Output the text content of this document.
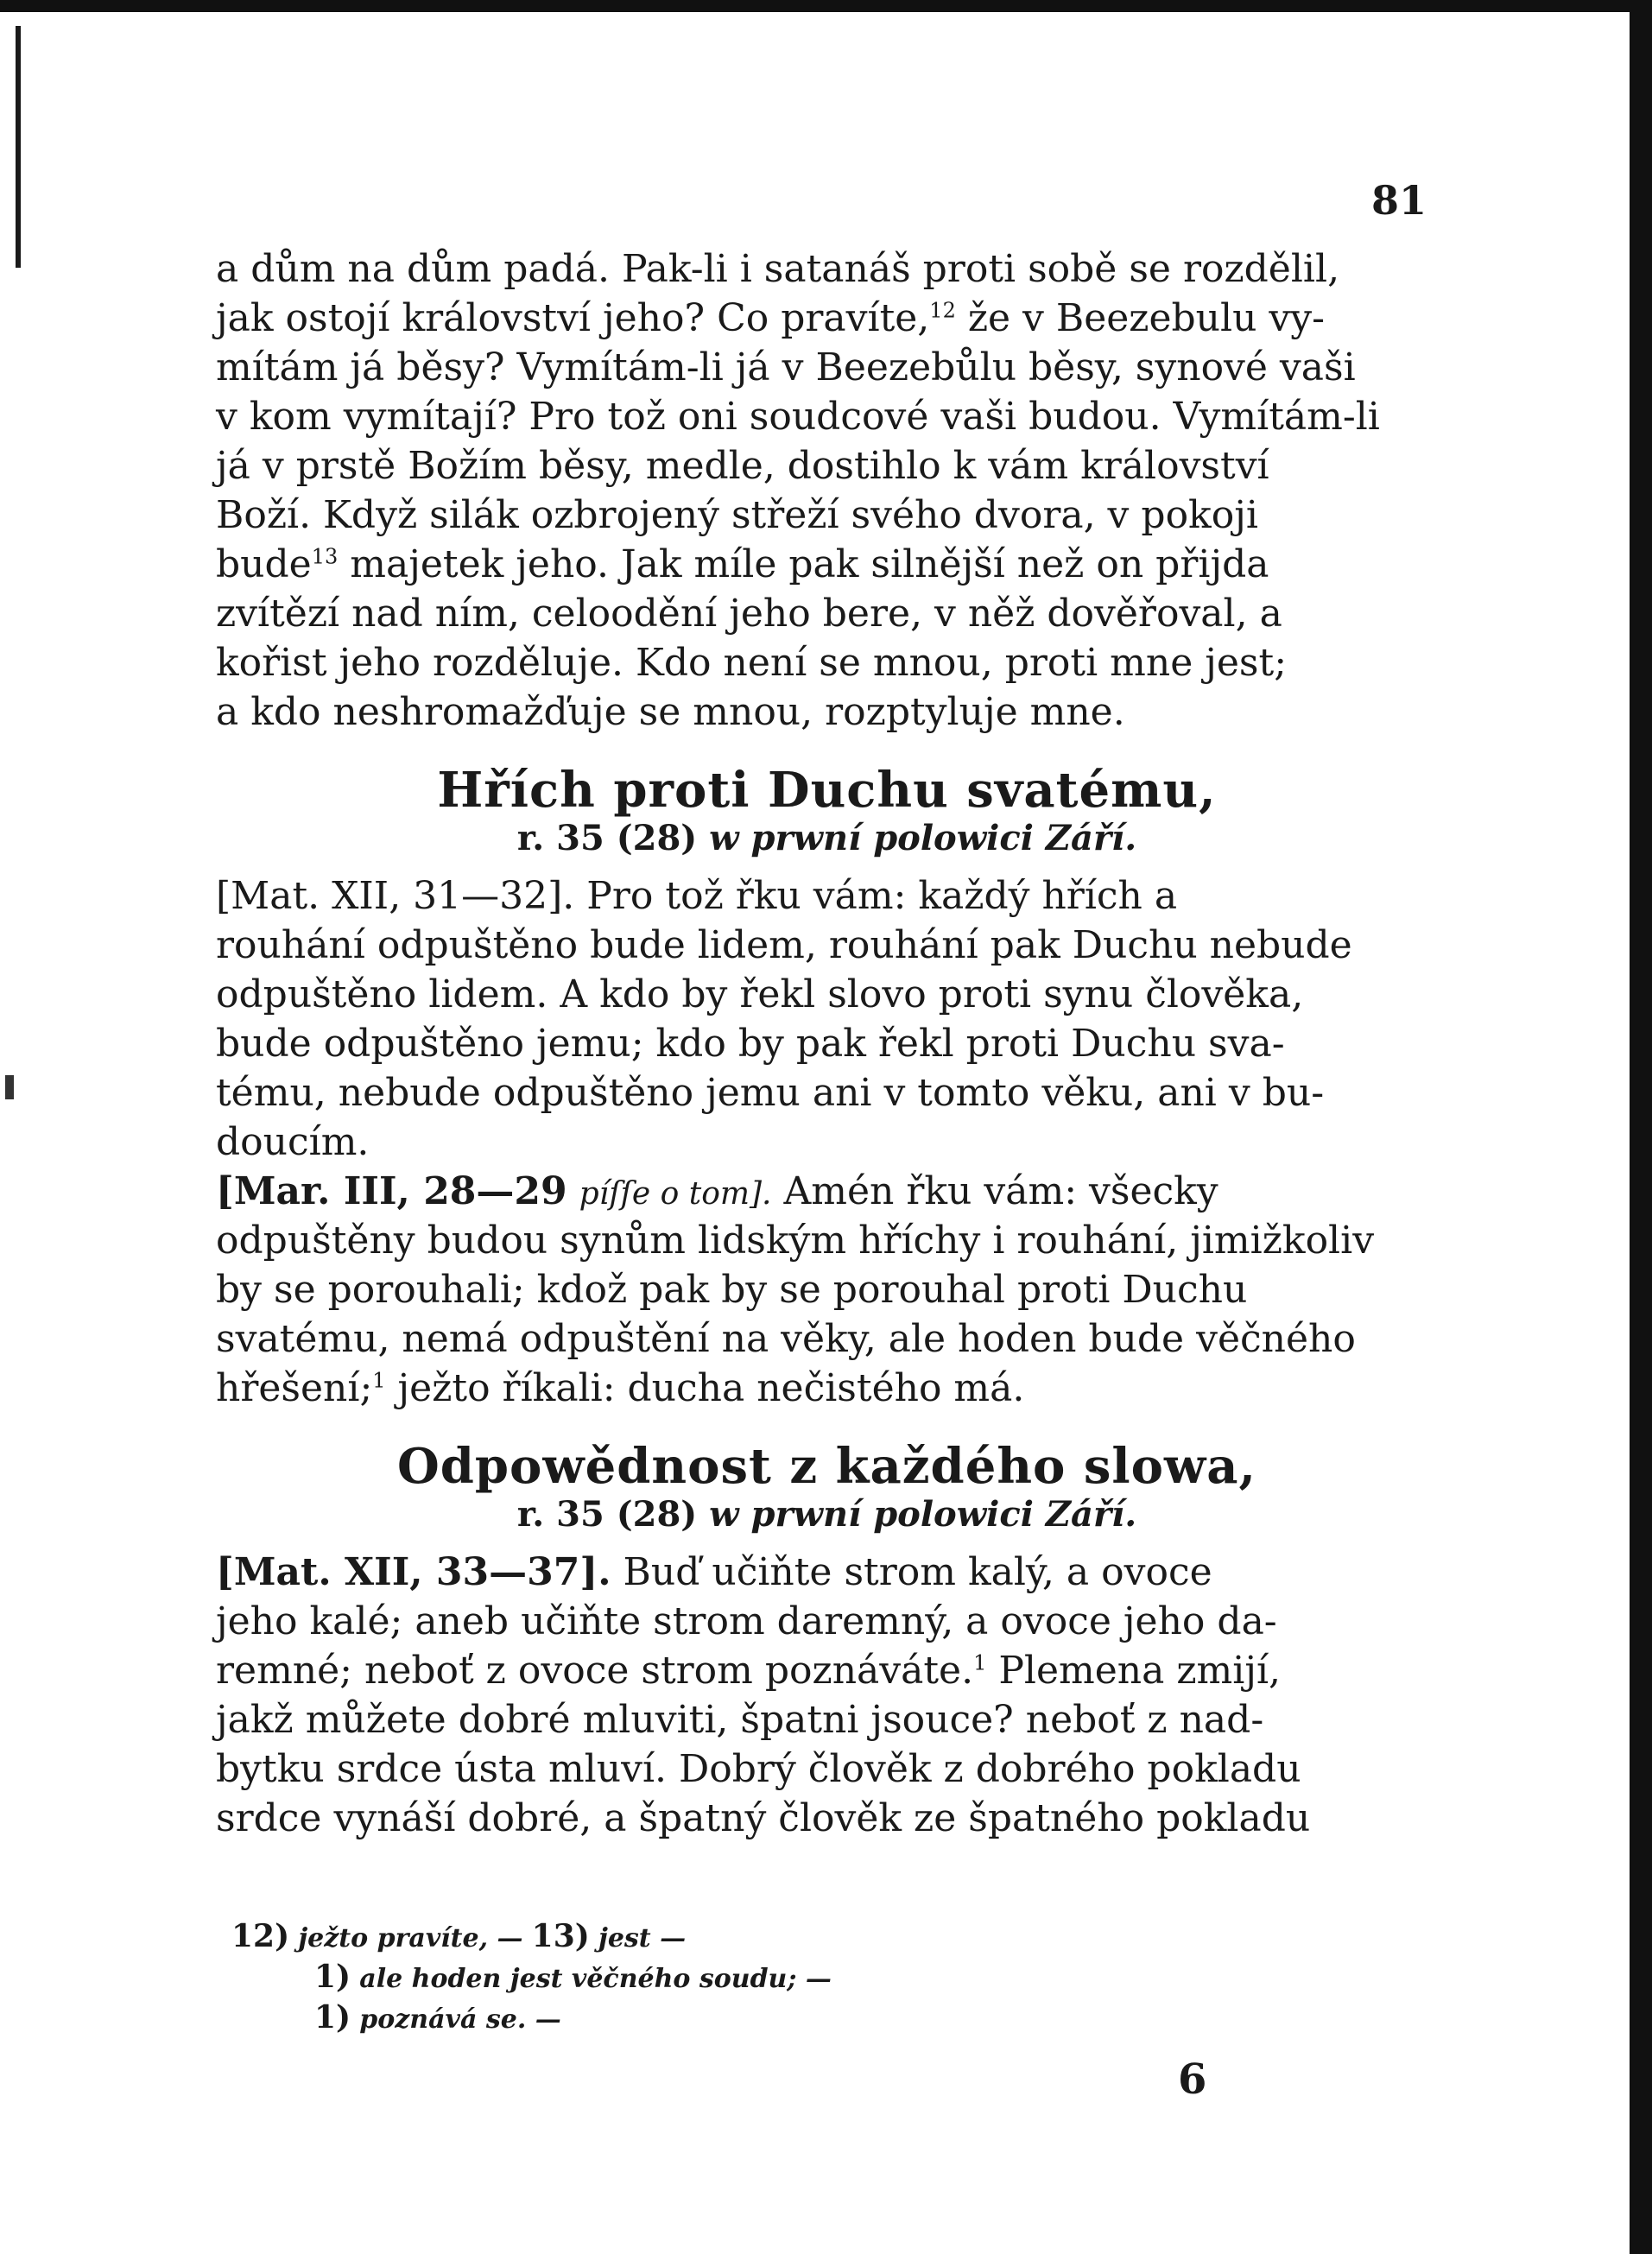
81
a dům na dům padá. Pak-li i satanáš proti sobě se rozdělil,
jak ostojí království jeho? Co pravíte,$^{12}$ že v Beezebulu vy-
mítám já běsy? Vymítám-li já v Beezebůlu běsy, synové vaši
v kom vymítají? Pro tož oni soudcové vaši budou. Vymítám-li
já v prstě Božím běsy, medle, dostihlo k vám království
Boží. Když silák ozbrojený střeží svého dvora, v pokoji
bude$^{13}$ majetek jeho. Jak míle pak silnější než on přijda
zvítězí nad ním, celoodění jeho bere, v něž dověřoval, a
kořist jeho rozděluje. Kdo není se mnou, proti mne jest;
a kdo neshromažďuje se mnou, rozptyluje mne.
Hřích proti Duchu svatému,
r. 35 (28) w prwní polowici Září.
[Mat. XII, 31—32]. Pro tož řku vám: každý hřích a
rouhání odpuštěno bude lidem, rouhání pak Duchu nebude
odpuštěno lidem. A kdo by řekl slovo proti synu člověka,
bude odpuštěno jemu; kdo by pak řekl proti Duchu sva-
tému, nebude odpuštěno jemu ani v tomto věku, ani v bu-
doucím.
[Mar. III, 28—29 píſſe o tom]. Amén řku vám: všecky
odpuštěny budou synům lidským hříchy i rouhání, jimižkoliv
by se porouhali; kdož pak by se porouhal proti Duchu
svatému, nemá odpuštění na věky, ale hoden bude věčného
hřešení;$^1$ ježto říkali: ducha nečistého má.
Odpowědnost z každého slowa,
r. 35 (28) w prwní polowici Září.
[Mat. XII, 33—37]. Buď učiňte strom kalý, a ovoce
jeho kalé; aneb učiňte strom daremný, a ovoce jeho da-
remné; neboť z ovoce strom poznáváte.$^1$ Plemena zmijí,
jakž můžete dobré mluviti, špatni jsouce? neboť z nad-
bytku srdce ústa mluví. Dobrý člověk z dobrého pokladu
srdce vynáší dobré, a špatný člověk ze špatného pokladu
12) ježto pravíte, — 13) jest —
1) ale hoden jest věčného soudu; —
1) poznává se. —
6
